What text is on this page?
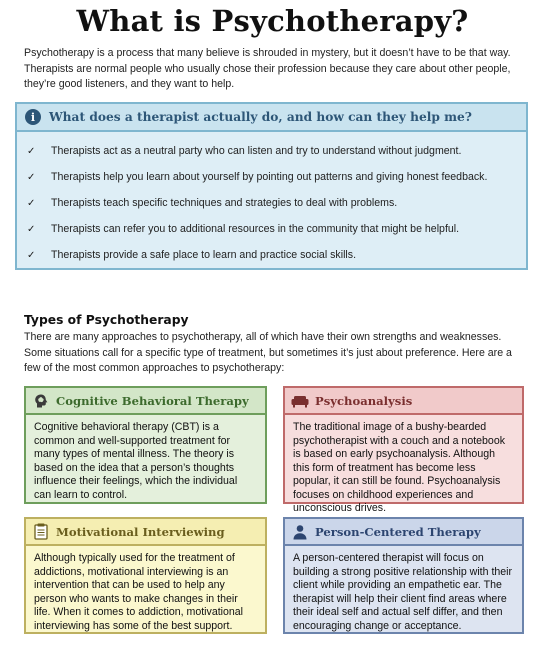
What is Psychotherapy?
Psychotherapy is a process that many believe is shrouded in mystery, but it doesn’t have to be that way. Therapists are normal people who usually chose their profession because they care about other people, they’re good listeners, and they want to help.
i	What does a therapist actually do, and how can they help me?
✓	Therapists act as a neutral party who can listen and try to understand without judgment.
✓	Therapists help you learn about yourself by pointing out patterns and giving honest feedback.
✓	Therapists teach specific techniques and strategies to deal with problems.
✓	Therapists can refer you to additional resources in the community that might be helpful.
✓	Therapists provide a safe place to learn and practice social skills.
Types of Psychotherapy
There are many approaches to psychotherapy, all of which have their own strengths and weaknesses. Some situations call for a specific type of treatment, but sometimes it’s just about preference. Here are a few of the most common approaches to psychotherapy:
Cognitive Behavioral Therapy
Cognitive behavioral therapy (CBT) is a common and well-supported treatment for many types of mental illness. The theory is based on the idea that a person’s thoughts influence their feelings, which the individual can learn to control.
Psychoanalysis
The traditional image of a bushy-bearded psychotherapist with a couch and a notebook is based on early psychoanalysis. Although this form of treatment has become less popular, it can still be found. Psychoanalysis focuses on childhood experiences and unconscious drives.
Motivational Interviewing
Although typically used for the treatment of addictions, motivational interviewing is an intervention that can be used to help any person who wants to make changes in their life. When it comes to addiction, motivational interviewing has some of the best support.
Person-Centered Therapy
A person-centered therapist will focus on building a strong positive relationship with their client while providing an empathetic ear. The therapist will help their client find areas where their ideal self and actual self differ, and then encouraging change or acceptance.
